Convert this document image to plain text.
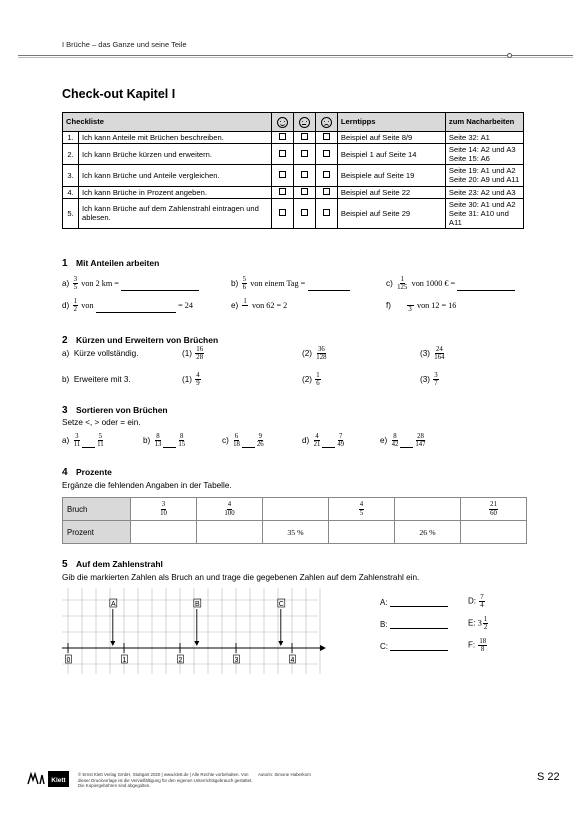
I Brüche – das Ganze und seine Teile
Check-out Kapitel I
Checkliste					Lerntipps	zum Nacharbeiten
1.	Ich kann Anteile mit Brüchen beschreiben.				Beispiel auf Seite 8/9	Seite 32: A1

2.	Ich kann Brüche kürzen und erweitern.				Beispiel 1 auf Seite 14	Seite 14: A2 und A3
Seite 15: A6

3.	Ich kann Brüche und Anteile vergleichen.				Beispiele auf Seite 19	Seite 19: A1 und A2
Seite 20: A9 und A11

4.	Ich kann Brüche in Prozent angeben.				Beispiel auf Seite 22	Seite 23: A2 und A3

5.	Ich kann Brüche auf dem Zahlenstrahl eintragen und ablesen.				Beispiel auf Seite 29	Seite 30: A1 und A2
Seite 31: A10 und A11
1 Mit Anteilen arbeiten
$a) \frac{3}{5}$ von 2 km =	$b) \frac{5}{6}$ von einem Tag =	$c) \frac{1}{125}$ von 1000 € =
$d) \frac{1}{2}$ von	= 24	e) 1 von 62 = 2	f)	3 von 12 = 16
2 Kürzen und Erweitern von Brüchen
a) Kürze vollständig.
b) Erweitere mit 3.
$(1) \frac{16}{28}$	$(2) \frac{36}{128}$	$(3) \frac{24}{164}$
$(1) \frac{4}{9}$	$(2) \frac{1}{6}$	$(3) \frac{3}{7}$
3 Sortieren von Brüchen
Setze <, > oder = ein.
$a) \frac{3}{11} \frac{5}{11}$	$b) \frac{8}{13} \frac{8}{15}$	$c) \frac{6}{18} \frac{9}{26}$	$d) \frac{4}{21} \frac{7}{49}$	$e) \frac{8}{42} \frac{28}{147}$
4 Prozente
Ergänze die fehlenden Angaben in der Tabelle.
Bruch	$\frac{3}{10}$	$\frac{4}{100}$		$\frac{4}{5}$		$\frac{21}{60}$

Prozent			35 %		26 %	
5 Auf dem Zahlenstrahl
Gib die markierten Zahlen als Bruch an und trage die gegebenen Zahlen auf dem Zahlenstrahl ein.
A	B	C
0	1	2	3	4
A:
B:
C:
D: $\frac{7}{4}$
E: $3 \frac{1}{2}$
F: $\frac{18}{8}$
Klett
© Ernst Klett Verlag GmbH, Stuttgart 2020 | www.klett.de | Alle Rechte vorbehalten. Von dieser Druckvorlage ist die Vervielfältigung für den eigenen Unterrichtsgebrauch gestattet. Die Kopiergebühren sind abgegolten.
Autorin: Simone Haberkorn	S 22
